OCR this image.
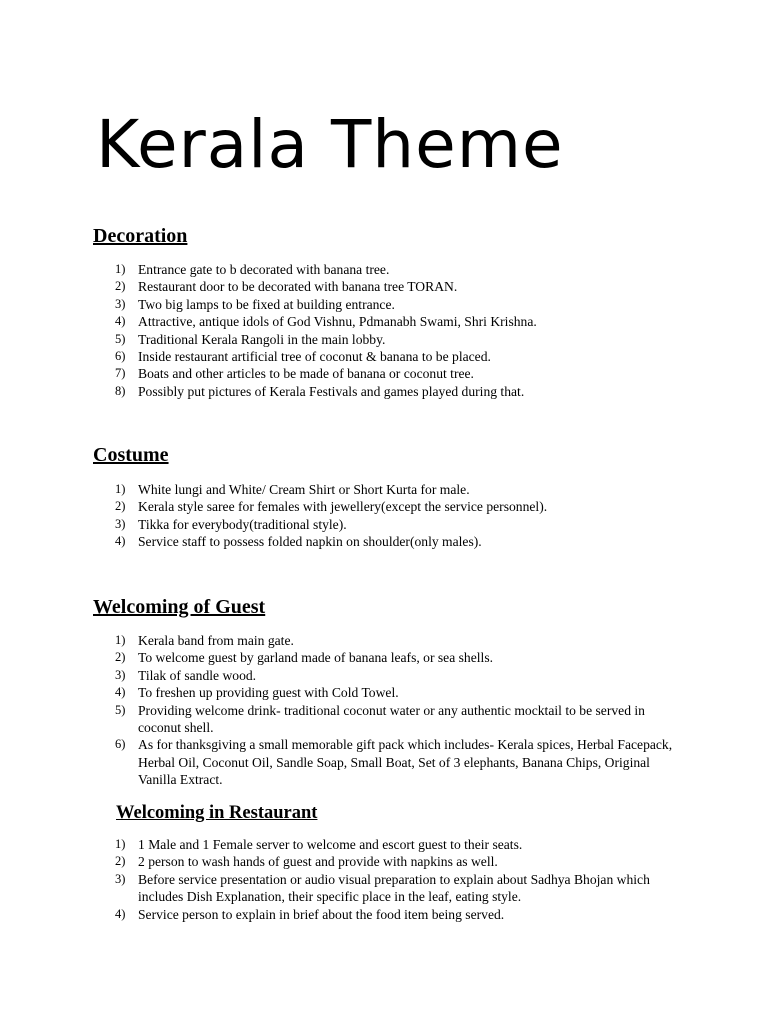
Kerala Theme
Decoration
1) Entrance gate to b decorated with banana tree.
2) Restaurant door to be decorated with banana tree TORAN.
3) Two big lamps to be fixed at building entrance.
4) Attractive, antique idols of God Vishnu, Pdmanabh Swami, Shri Krishna.
5) Traditional Kerala Rangoli in the main lobby.
6) Inside restaurant artificial tree of coconut & banana to be placed.
7) Boats and other articles to be made of banana or coconut tree.
8) Possibly put pictures of Kerala Festivals and games played during that.
Costume
1) White lungi and White/ Cream Shirt or Short Kurta for male.
2) Kerala style saree for females with jewellery(except the service personnel).
3) Tikka for everybody(traditional style).
4) Service staff to possess folded napkin on shoulder(only males).
Welcoming of Guest
1) Kerala band from main gate.
2) To welcome guest by garland made of banana leafs, or sea shells.
3) Tilak of sandle wood.
4) To freshen up providing guest with Cold Towel.
5) Providing welcome drink- traditional coconut water or any authentic mocktail to be served in coconut shell.
6) As for thanksgiving a small memorable gift pack which includes- Kerala spices, Herbal Facepack, Herbal Oil, Coconut Oil, Sandle Soap, Small Boat, Set of 3 elephants, Banana Chips, Original Vanilla Extract.
Welcoming in Restaurant
1) 1 Male and 1 Female server to welcome and escort guest to their seats.
2) 2 person to wash hands of guest and provide with napkins as well.
3) Before service presentation or audio visual preparation to explain about Sadhya Bhojan which includes Dish Explanation, their specific place in the leaf, eating style.
4) Service person to explain in brief about the food item being served.
